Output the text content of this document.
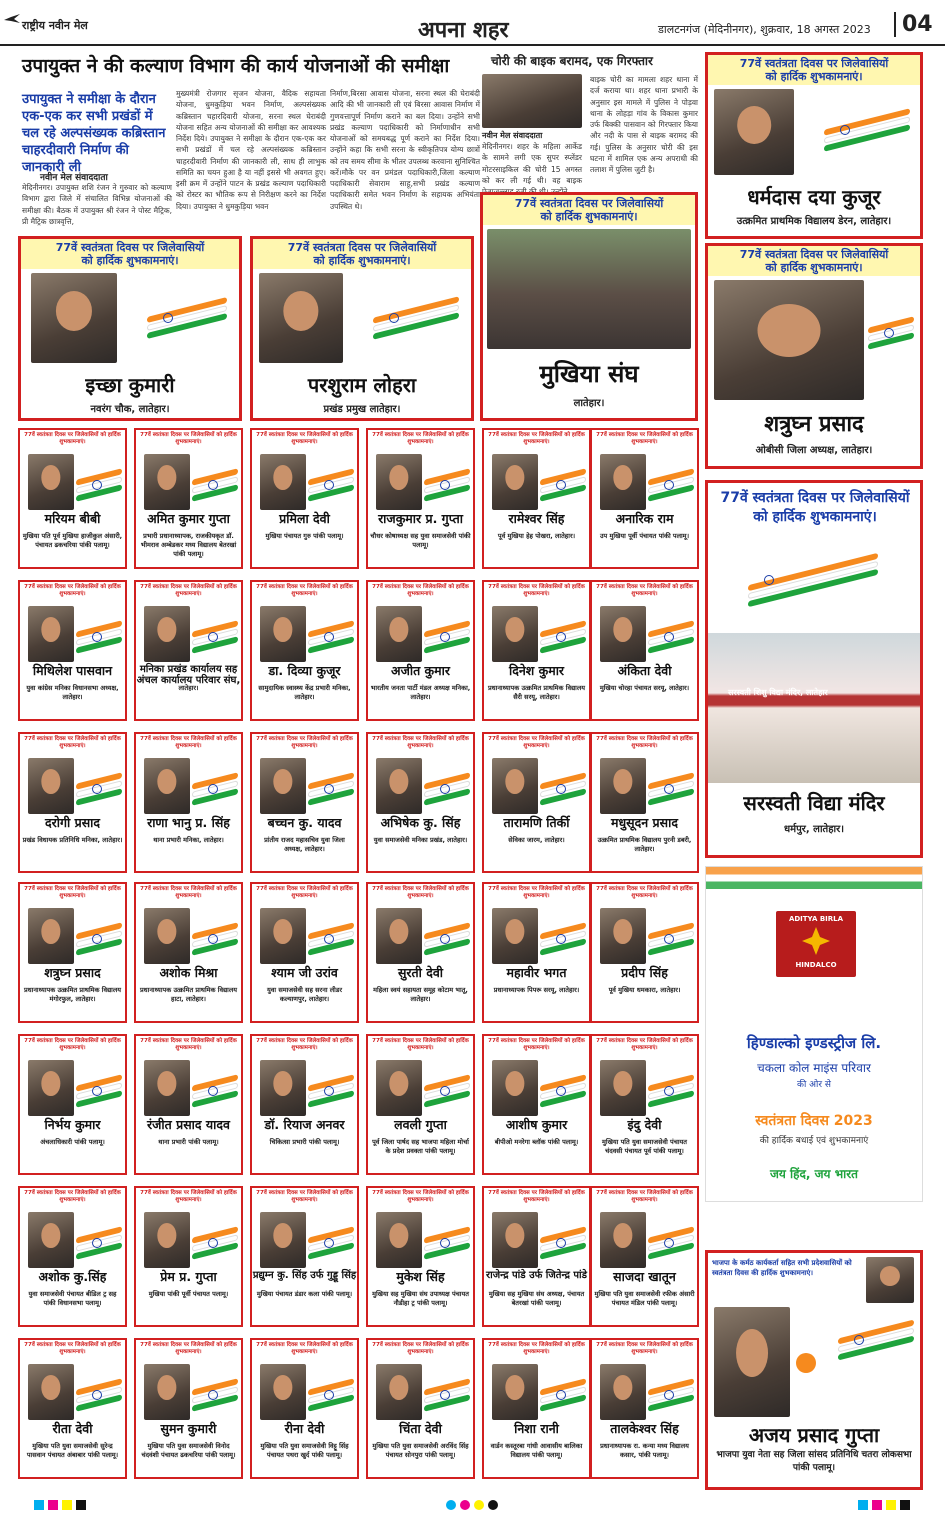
राष्ट्रीय नवीन मेल	अपना शहर	डालटनगंज (मेदिनीनगर), शुक्रवार, 18 अगस्त 2023	04
उपायुक्त ने की कल्याण विभाग की कार्य योजनाओं की समीक्षा
उपायुक्त ने समीक्षा के दौरान एक-एक कर सभी प्रखंडों में चल रहे अल्पसंख्यक कब्रिस्तान चाहरदीवारी निर्माण की जानकारी ली
नवीन मेल संवाददाता
मेदिनीनगर। उपायुक्त शशि रंजन ने गुरुवार को कल्याण विभाग द्वारा जिले में संचालित विभिन्न योजनाओं की समीक्षा की। बैठक में उपायुक्त श्री रंजन ने पोस्ट मैट्रिक, प्री मैट्रिक छात्रवृत्ति,
मुख्यमंत्री रोजगार सृजन योजना, वैदिक सहायता योजना, धुमकुड़िया भवन निर्माण, अल्पसंख्यक कब्रिस्तान चहारदिवारी योजना, सरना स्थल घेराबंदी योजना सहित अन्य योजनाओं की समीक्षा कर आवश्यक निर्देश दिये। उपायुक्त ने समीक्षा के दौरान एक-एक कर सभी प्रखंडों में चल रहे अल्पसंख्यक कब्रिस्तान चाहरदीवारी निर्माण की जानकारी ली, साथ ही लाभुक समिति का चयन हुआ है या नहीं इससे भी अवगत हुए। इसी क्रम में उन्होंने पाटन के प्रखंड कल्याण पदाधिकारी को रोस्टर का भौतिक रूप से निरीक्षण करने का निर्देश दिया। उपायुक्त ने धुमकुड़िया भवन
निर्माण,बिरसा आवास योजना, सरना स्थल की घेराबंदी आदि की भी जानकारी ली एवं बिरसा आवास निर्माण में गुणवत्तापूर्ण निर्माण कराने का बल दिया। उन्होंने सभी प्रखंड कल्याण पदाधिकारी को निर्माणाधीन सभी योजनाओं को समयबद्ध पूर्ण कराने का निर्देश दिया। उन्होंने कहा कि सभी सरना के स्वीकृतिपत्र योग्य छात्रों को तय समय सीमा के भीतर उपलब्ध करवाना सुनिश्चित करें।मौके पर वन प्रमंडल पदाधिकारी,जिला कल्याण पदाधिकारी सेवाराम साहू,सभी प्रखंड कल्याण पदाधिकारी समेत भवन निर्माण के सहायक अभियंता उपस्थित थे।
चोरी की बाइक बरामद, एक गिरफ्तार
नवीन मेल संवाददाता
मेदिनीनगर। शहर के महिला आर्केड के सामने लगी एक सुपर स्प्लेंडर मोटरसाइकिल की चोरी 15 अगस्त को कर ली गई थी। वह बाइक
बाइक चोरी का मामला शहर थाना में दर्ज कराया था। शहर थाना प्रभारी के अनुसार इस मामले में पुलिस ने पोड़वा थाना के लोहड़ा गांव के विकास कुमार उर्फ बिक्की पासवान को गिरफ्तार किया और नदी के पास से बाइक बरामद की गई। पुलिस के अनुसार चोरी की इस घटना में शामिल एक अन्य अपराधी की तलाश में पुलिस जुटी है।
77वें स्वतंत्रता दिवस पर जिलेवासियों
को हार्दिक शुभकामनाएं।
इच्छा कुमारी
नवरंग चौक, लातेहार।
77वें स्वतंत्रता दिवस पर जिलेवासियों
को हार्दिक शुभकामनाएं।
परशुराम लोहरा
प्रखंड प्रमुख लातेहार।
77वें स्वतंत्रता दिवस पर जिलेवासियों
को हार्दिक शुभकामनाएं।
मुखिया संघ
लातेहार।
77वें स्वतंत्रता दिवस पर जिलेवासियों
को हार्दिक शुभकामनाएं।
धर्मदास दया कुजूर
उत्क्रमित प्राथमिक विद्यालय डेरन, लातेहार।
77वें स्वतंत्रता दिवस पर जिलेवासियों
को हार्दिक शुभकामनाएं।
शत्रुघ्न प्रसाद
ओबीसी जिला अध्यक्ष, लातेहार।
77वें स्वतंत्रता दिवस पर जिलेवासियों को हार्दिक शुभकामनाएं।
सरस्वती शिशु विद्या मंदिर, लातेहार
सरस्वती विद्या मंदिर
धर्मपुर, लातेहार।
ADITYA BIRLA
HINDALCO
हिण्डाल्को इण्डस्ट्रीज लि.
चकला कोल माइंस परिवार
की ओर से
स्वतंत्रता दिवस 2023
की हार्दिक बधाई एवं शुभकामनाएं
जय हिंद, जय भारत
भाजपा के कर्मठ कार्यकर्ता सहित सभी प्रदेशवासियों को स्वतंत्रता दिवस की हार्दिक शुभकामनाएं।
अजय प्रसाद गुप्ता
भाजपा युवा नेता सह जिला सांसद प्रतिनिधि चतरा लोकसभा पांकी पलामू।
77वें स्वतंत्रता दिवस पर जिलेवासियों को हार्दिक शुभकामनाएं।
मरियम बीबी
मुखिया पति पूर्व मुखिया हाजीकुल अंसारी, पंचायत ढकचरिया पांकी पलामू।
77वें स्वतंत्रता दिवस पर जिलेवासियों को हार्दिक शुभकामनाएं।
अमित कुमार गुप्ता
प्रभारी प्रधानाध्यापक, राजकीयकृत डॉ. भीमराव अम्बेडकर मध्य विद्यालय बेतरखां पांकी पलामू।
77वें स्वतंत्रता दिवस पर जिलेवासियों को हार्दिक शुभकामनाएं।
प्रमिला देवी
मुखिया पंचायत गुरु पांकी पलामू।
77वें स्वतंत्रता दिवस पर जिलेवासियों को हार्दिक शुभकामनाएं।
राजकुमार प्र. गुप्ता
चौधर कोषाध्यक्ष सह युवा समाजसेवी पांकी पलामू।
77वें स्वतंत्रता दिवस पर जिलेवासियों को हार्दिक शुभकामनाएं।
रामेश्वर सिंह
पूर्व मुखिया हेह पोखरा, लातेहार।
77वें स्वतंत्रता दिवस पर जिलेवासियों को हार्दिक शुभकामनाएं।
अनारिक राम
उप मुखिया पूर्वी पंचायत पांकी पलामू।
77वें स्वतंत्रता दिवस पर जिलेवासियों को हार्दिक शुभकामनाएं।
मिथिलेश पासवान
युवा कांग्रेस मनिका विधानसभा अध्यक्ष, लातेहार।
77वें स्वतंत्रता दिवस पर जिलेवासियों को हार्दिक शुभकामनाएं।
मनिका प्रखंड कार्यालय सह अंचल कार्यालय परिवार संघ,
लातेहार।
77वें स्वतंत्रता दिवस पर जिलेवासियों को हार्दिक शुभकामनाएं।
डा. दिव्या कुजूर
सामुदायिक स्वास्थ्य केंद्र प्रभारी मनिका, लातेहार।
77वें स्वतंत्रता दिवस पर जिलेवासियों को हार्दिक शुभकामनाएं।
अजीत कुमार
भारतीय जनता पार्टी मंडल अध्यक्ष मनिका, लातेहार।
77वें स्वतंत्रता दिवस पर जिलेवासियों को हार्दिक शुभकामनाएं।
दिनेश कुमार
प्रधानाध्यापक उत्क्रमित प्राथमिक विद्यालय सैरी सरयू, लातेहार।
77वें स्वतंत्रता दिवस पर जिलेवासियों को हार्दिक शुभकामनाएं।
अंकिता देवी
मुखिया चोरहा पंचायत सरयू, लातेहार।
77वें स्वतंत्रता दिवस पर जिलेवासियों को हार्दिक शुभकामनाएं।
दरोगी प्रसाद
प्रखंड विधायक प्रतिनिधि मनिका, लातेहार।
77वें स्वतंत्रता दिवस पर जिलेवासियों को हार्दिक शुभकामनाएं।
राणा भानु प्र. सिंह
थाना प्रभारी मनिका, लातेहार।
77वें स्वतंत्रता दिवस पर जिलेवासियों को हार्दिक शुभकामनाएं।
बच्चन कु. यादव
प्रांतीय राजद महासचिव युवा जिला अध्यक्ष, लातेहार।
77वें स्वतंत्रता दिवस पर जिलेवासियों को हार्दिक शुभकामनाएं।
अभिषेक कु. सिंह
युवा समाजसेवी मनिका प्रखंड, लातेहार।
77वें स्वतंत्रता दिवस पर जिलेवासियों को हार्दिक शुभकामनाएं।
तारामणि तिर्की
सेविका जारम, लातेहार।
77वें स्वतंत्रता दिवस पर जिलेवासियों को हार्दिक शुभकामनाएं।
मधुसूदन प्रसाद
उत्क्रमित प्राथमिक विद्यालय पुरनी डबरी, लातेहार।
77वें स्वतंत्रता दिवस पर जिलेवासियों को हार्दिक शुभकामनाएं।
शत्रुघ्न प्रसाद
प्रधानाध्यापक उत्क्रमित प्राथमिक विद्यालय मंगोरफुल, लातेहार।
77वें स्वतंत्रता दिवस पर जिलेवासियों को हार्दिक शुभकामनाएं।
अशोक मिश्रा
प्रधानाध्यापक उत्क्रमित प्राथमिक विद्यालय हाटा, लातेहार।
77वें स्वतंत्रता दिवस पर जिलेवासियों को हार्दिक शुभकामनाएं।
श्याम जी उरांव
युवा समाजसेवी सह सरना लीडर कल्याणपुर, लातेहार।
77वें स्वतंत्रता दिवस पर जिलेवासियों को हार्दिक शुभकामनाएं।
सुरती देवी
महिला स्वयं सहायता समूह कोटाम भातू, लातेहार।
77वें स्वतंत्रता दिवस पर जिलेवासियों को हार्दिक शुभकामनाएं।
महावीर भगत
प्रधानाध्यापक पिपरू सरयू, लातेहार।
77वें स्वतंत्रता दिवस पर जिलेवासियों को हार्दिक शुभकामनाएं।
प्रदीप सिंह
पूर्व मुखिया धमकारा, लातेहार।
77वें स्वतंत्रता दिवस पर जिलेवासियों को हार्दिक शुभकामनाएं।
निर्भय कुमार
अंचलाधिकारी पांकी पलामू।
77वें स्वतंत्रता दिवस पर जिलेवासियों को हार्दिक शुभकामनाएं।
रंजीत प्रसाद यादव
थाना प्रभारी पांकी पलामू।
77वें स्वतंत्रता दिवस पर जिलेवासियों को हार्दिक शुभकामनाएं।
डॉ. रियाज अनवर
चिकित्सा प्रभारी पांकी पलामू।
77वें स्वतंत्रता दिवस पर जिलेवासियों को हार्दिक शुभकामनाएं।
लवली गुप्ता
पूर्व जिला पार्षद सह भाजपा महिला मोर्चा के प्रदेश प्रवक्ता पांकी पलामू।
77वें स्वतंत्रता दिवस पर जिलेवासियों को हार्दिक शुभकामनाएं।
आशीष कुमार
बीपीओ मनरेगा ब्लॉक पांकी पलामू।
77वें स्वतंत्रता दिवस पर जिलेवासियों को हार्दिक शुभकामनाएं।
इंदु देवी
मुखिया पति युवा समाजसेवी पंचायत चंदवसी पंचायत पूर्व पांकी पलामू।
77वें स्वतंत्रता दिवस पर जिलेवासियों को हार्दिक शुभकामनाएं।
अशोक कु.सिंह
युवा समाजसेवी पंचायत बीडिल ट्र सह पांकी विधानसभा पलामू।
77वें स्वतंत्रता दिवस पर जिलेवासियों को हार्दिक शुभकामनाएं।
प्रेम प्र. गुप्ता
मुखिया पांकी पूर्वी पंचायत पलामू।
77वें स्वतंत्रता दिवस पर जिलेवासियों को हार्दिक शुभकामनाएं।
प्रद्युम्न कु. सिंह उर्फ गुड्डू सिंह
मुखिया पंचायत डंडार कला पांकी पलामू।
77वें स्वतंत्रता दिवस पर जिलेवासियों को हार्दिक शुभकामनाएं।
मुकेश सिंह
मुखिया सह मुखिया संघ उपाध्यक्ष पंचायत नौडीहा ट्र पांकी पलामू।
77वें स्वतंत्रता दिवस पर जिलेवासियों को हार्दिक शुभकामनाएं।
राजेन्द्र पांडे उर्फ जितेन्द्र पांडे
मुखिया सह मुखिया संघ अध्यक्ष, पंचायत बेतरखां पांकी पलामू।
77वें स्वतंत्रता दिवस पर जिलेवासियों को हार्दिक शुभकामनाएं।
साजदा खातून
मुखिया पति युवा समाजसेवी रफीक अंसारी पंचायत मंडिल पांकी पलामू।
77वें स्वतंत्रता दिवस पर जिलेवासियों को हार्दिक शुभकामनाएं।
रीता देवी
मुखिया पति युवा समाजसेवी सुरेन्द्र पासवान पंचायत अंबाबार पांकी पलामू।
77वें स्वतंत्रता दिवस पर जिलेवासियों को हार्दिक शुभकामनाएं।
सुमन कुमारी
मुखिया पति युवा समाजसेवी विनोद चंदवंशी पंचायत ढकचरिया पांकी पलामू।
77वें स्वतंत्रता दिवस पर जिलेवासियों को हार्दिक शुभकामनाएं।
रीना देवी
मुखिया पति युवा समाजसेवी विट्टू सिंह पंचायत पथरा खुर्द पांकी पलामू।
77वें स्वतंत्रता दिवस पर जिलेवासियों को हार्दिक शुभकामनाएं।
चिंता देवी
मुखिया पति युवा समाजसेवी अरविंद सिंह पंचायत सोनपुरा पांकी पलामू।
77वें स्वतंत्रता दिवस पर जिलेवासियों को हार्दिक शुभकामनाएं।
निशा रानी
वार्डन कस्तूरबा गांधी आवासीय बालिका विद्यालय पांकी पलामू।
77वें स्वतंत्रता दिवस पर जिलेवासियों को हार्दिक शुभकामनाएं।
तालकेश्वर सिंह
प्रधानाध्यापक रा. कन्या मध्य विद्यालय कसार, पांकी पलामू।
